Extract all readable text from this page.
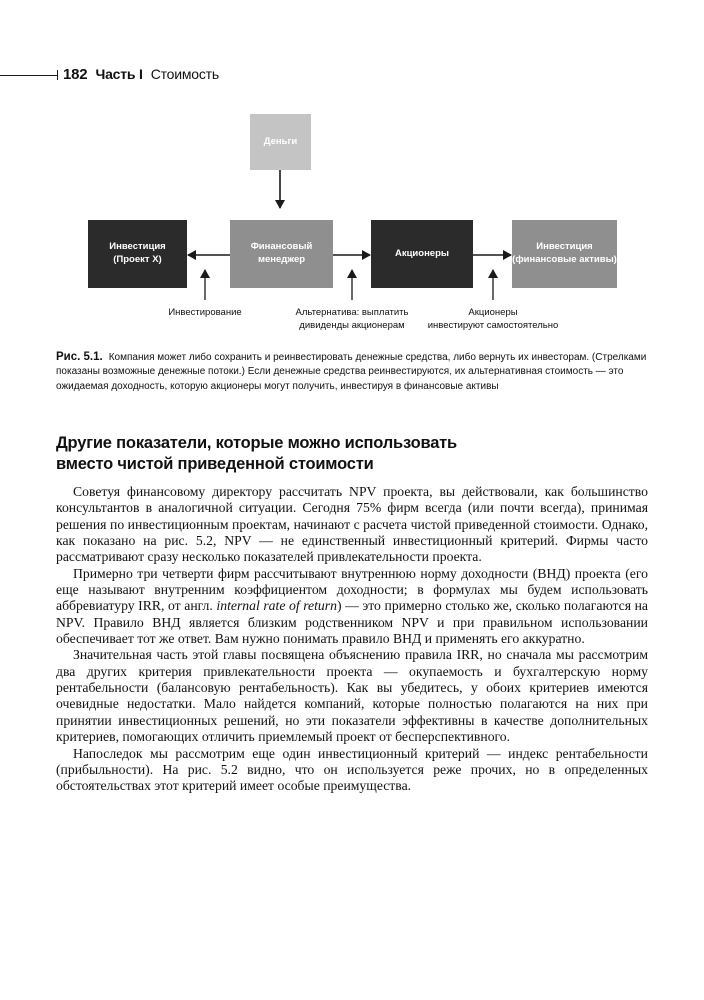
182 Часть I Стоимость
Деньги
Инвестиция
(Проект Х)
Финансовый
менеджер
Акционеры
Инвестиция
(финансовые активы)
Инвестирование	Альтернатива: выплатить
дивиденды акционерам
Акционеры
инвестируют самостоятельно
Рис. 5.1. Компания может либо сохранить и реинвестировать денежные средства, либо вернуть их инвесторам. (Стрелками показаны возможные денежные потоки.) Если денежные средства реинвестируются, их альтернативная стоимость — это ожидаемая доходность, которую акционеры могут получить, инвестируя в финансовые активы
Другие показатели, которые можно использовать
вместо чистой приведенной стоимости

Советуя финансовому директору рассчитать NPV проекта, вы действовали, как большинство консультантов в аналогичной ситуации. Сегодня 75% фирм всегда (или почти всегда), принимая решения по инвестиционным проектам, начинают с расчета чистой приведенной стоимости. Однако, как показано на рис. 5.2, NPV — не единственный инвестиционный критерий. Фирмы часто рассматривают сразу несколько показателей привлекательности проекта.

Примерно три четверти фирм рассчитывают внутреннюю норму доходности (ВНД) проекта (его еще называют внутренним коэффициентом доходности; в формулах мы будем использовать аббревиатуру IRR, от англ. internal rate of return) — это примерно столько же, сколько полагаются на NPV. Правило ВНД является близким родственником NPV и при правильном использовании обеспечивает тот же ответ. Вам нужно понимать правило ВНД и применять его аккуратно.

Значительная часть этой главы посвящена объяснению правила IRR, но сначала мы рассмотрим два других критерия привлекательности проекта — окупаемость и бухгалтерскую норму рентабельности (балансовую рентабельность). Как вы убедитесь, у обоих критериев имеются очевидные недостатки. Мало найдется компаний, которые полностью полагаются на них при принятии инвестиционных решений, но эти показатели эффективны в качестве дополнительных критериев, помогающих отличить приемлемый проект от бесперспективного.

Напоследок мы рассмотрим еще один инвестиционный критерий — индекс рентабельности (прибыльности). На рис. 5.2 видно, что он используется реже прочих, но в определенных обстоятельствах этот критерий имеет особые преимущества.
